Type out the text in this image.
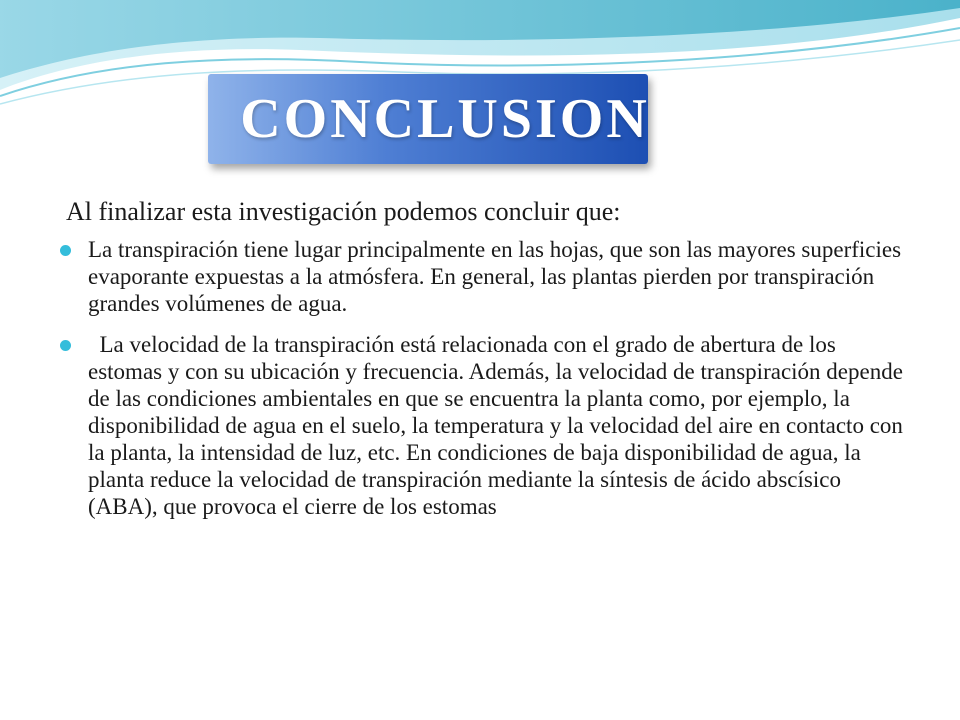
CONCLUSION
Al finalizar esta investigación podemos concluir que:
La transpiración tiene lugar principalmente en las hojas, que son las mayores superficies evaporante expuestas a la atmósfera. En general, las plantas pierden por transpiración grandes volúmenes de agua.
La velocidad de la transpiración está relacionada con el grado de abertura de los estomas y con su ubicación y frecuencia. Además, la velocidad de transpiración depende de las condiciones ambientales en que se encuentra la planta como, por ejemplo, la disponibilidad de agua en el suelo, la temperatura y la velocidad del aire en contacto con la planta, la intensidad de luz, etc. En condiciones de baja disponibilidad de agua, la planta reduce la velocidad de transpiración mediante la síntesis de ácido abscísico (ABA), que provoca el cierre de los estomas
